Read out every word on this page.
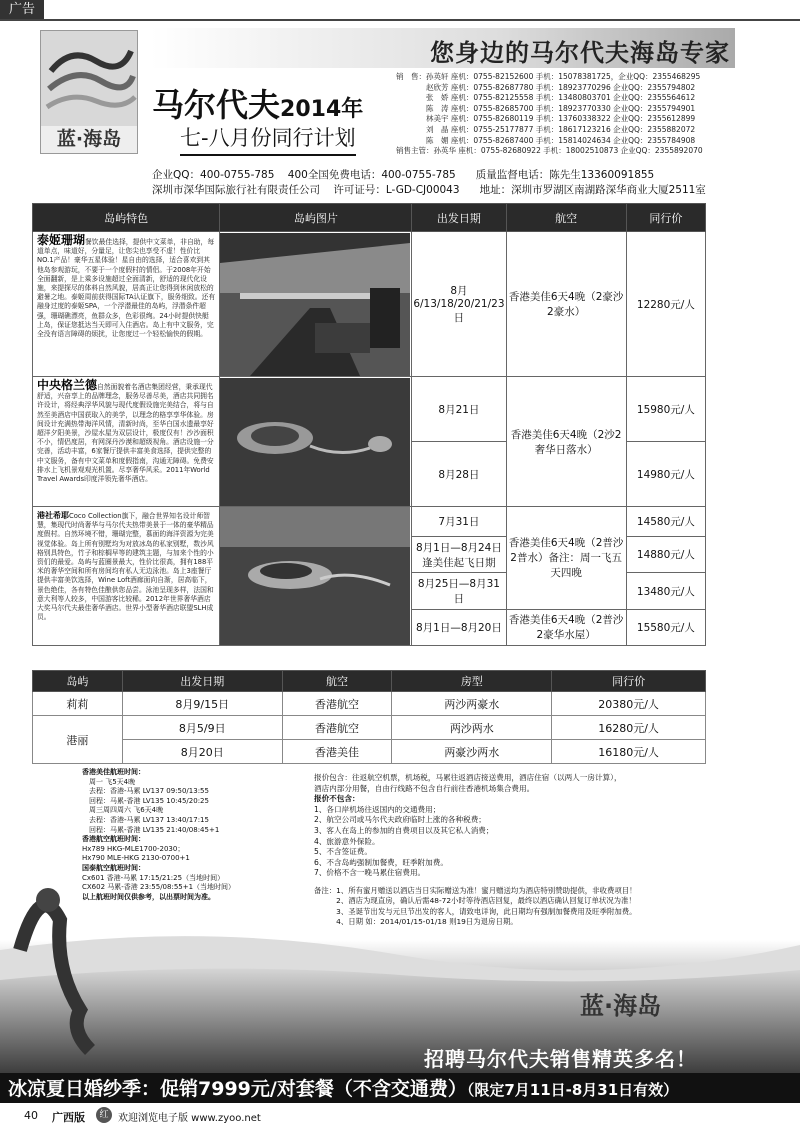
广告
蓝·海岛
您身边的马尔代夫海岛专家
马尔代夫2014年
七-八月份同行计划
销　售：孙英轩 座机：0755-82152600 手机：15078381725，企业QQ：2355468295
　　　　赵欣芳 座机：0755-82687780 手机：18923770296 企业QQ：2355794802
　　　　张　娇 座机：0755-82125558 手机：13480803701 企业QQ：2355564612
　　　　陈　涛 座机：0755-82685700 手机：18923770330 企业QQ：2355794901
　　　　林美宇 座机：0755-82680119 手机：13760338322 企业QQ：2355612899
　　　　刘　晶 座机：0755-25177877 手机：18617123216 企业QQ：2355882072
　　　　陈　媚 座机：0755-82687400 手机：15814024634 企业QQ：2355784908
销售主管：孙英华 座机：0755-82680922 手机：18002510873 企业QQ：2355892070
企业QQ：400-0755-785 400全国免费电话：400-0755-785 质量监督电话：陈先生13360091855
深圳市深华国际旅行社有限责任公司 许可证号：L-GD-CJ00043 地址：深圳市罗湖区南湖路深华商业大厦2511室
岛屿特色	岛屿图片	出发日期	航空	同行价
泰姬珊瑚餐饮最佳选择，提供中文菜单，非自助，每道单点，味道好，分量足，让您尖也享受不虚！性价比NO.1产品！豪华五星体验！星自由的选择，适合喜欢到其他岛参观游玩，不要于一个度假村的情侣。于2008年开始全面翻新，是上乘多设施超过全面清新，舒适的现代化设施，来提探尽的体料自然风貌，居高正让您得到休闲放松的避暑之地。泰姬周前获得国际TA认证旗下，服务细致。还有融身过度的泰姬SPA，一个浮潜最佳的岛屿，浮潜条件超强，珊瑚礁漂亮，鱼群众多，色彩很绚。24小时提供快艇上岛，保证您抵达当天即可入住酒店。岛上有中文服务，完全没有语言障碍的烦扰，让您度过一个轻松愉快的假期。		8月6/13/18/20/21/23日	香港美佳6天4晚（2豪沙2豪水）	12280元/人
中央格兰德自然面貌着名酒店集团经营，秉承现代舒适，兴奋享上的品牌理念，服务尽善尽美，酒店共同拥名许设计，将经典浮华风貌与现代度假设施完美结合，将与自然至美酒店中国获取入的美学，以理念的格享享华体验。房间设计充满热带海洋风情，清新时尚，至华白国水遗最享好超洋夕阳美景，沙屋水屋为双层设计，极度仅有！沙沙面积不小，情侣度居，有网深丹沙漠和超级视角。酒店设施一分完善，活动丰富，6家餐厅提供丰富美食选择，提供完整的中文服务，备有中文菜单和度假指南，沟通无障碍。免费安排水上飞机景观观光机置。尽享奢华风采。2011年World Travel Awards印度洋领先奢华酒店。		8月21日	香港美佳6天4晚（2沙2奢华日落水）	15980元/人
		8月28日		14980元/人
港社希耶Coco Collection旗下，融合世界知名设计师智慧，集现代时尚奢华与马尔代夫热带美景于一体的豪华精品度假村。自然环境不错，珊瑚完整，慕面的海洋资源为完美视觉体验。岛上所有别墅均为对放冰岛的私家别墅，数沙风格别具特色，竹子和棕榈早等的建筑主题，与加来个性的小资们的最爱。岛屿与蓝圈景最大，性价比很高，拥有188平米的奢华空间和所有房间均有私人无边泳池。岛上3座餐厅提供丰富美饮选择，Wine Loft酒廊面向自渐，居高临下，景色绝佳，各有特色佳酿供您品尝。泳池呈现多样，法国和意大利等人较多，中国游客比较稀。2012年世界奢华酒店大奖马尔代夫最佳奢华酒店。世界小型奢华酒店联盟SLH成员。		7月31日	香港美佳6天4晚（2普沙2普水）备注：周一飞五天四晚	14580元/人
		8月1日—8月24日 逢美佳起飞日期		14880元/人
		8月25日—8月31日		13480元/人
		8月1日—8月20日	香港美佳6天4晚（2普沙2豪华水屋）	15580元/人
岛屿	出发日期	航空	房型	同行价
莉莉	8月9/15日	香港航空	两沙两豪水	20380元/人
港丽	8月5/9日	香港航空	两沙两水	16280元/人
	8月20日	香港美佳	两豪沙两水	16180元/人
香港美佳航班时间：
　周一 飞5天4晚
　去程：香港-马累 LV137 09:50/13:55
　回程：马累-香港 LV135 10:45/20:25
　周三周四周六 飞6天4晚
　去程：香港-马累 LV137 13:40/17:15
　回程：马累-香港 LV135 21:40/08:45+1
香港航空航班时间：
Hx789 HKG-MLE1700-2030；
Hx790 MLE-HKG 2130-0700+1
国泰航空航班时间：
Cx601 香港-马累 17:15/21:25（当地时间）
CX602 马累-香港 23:55/08:55+1（当地时间）
以上航班时间仅供参考，以出票时间为准。
报价包含：往返航空机票，机场税，马累往返酒店接送费用，酒店住宿（以两人一房计算），
酒店内部分用餐，自由行线路不包含自行前往香港机场集合费用。
报价不包含：
1、各口岸机场往返国内的交通费用；
2、航空公司或马尔代夫政府临时上涨的各种税费；
3、客人在岛上的参加的自费项目以及其它私人消费；
4、旅游意外保险。
5、不含签证费。
6、不含岛屿强制加餐费，旺季附加费。
7、价格不含一晚马累住宿费用。
备注：1、所有蜜月赠送以酒店当日实际赠送为准！蜜月赠送均为酒店特别赞助提供，非收费项目！
　　　2、酒店为现直房，确认后需48-72小时等待酒店回复，最终以酒店确认回复订单状况为准！
　　　3、圣诞节出发与元旦节出发的客人，请致电详询，此日期均有强制加餐费用及旺季附加费。
　　　4、日期 如：2014/01/15-01/18 则19日为退房日期。
蓝·海岛
招聘马尔代夫销售精英多名！
冰凉夏日婚纱季：促销7999元/对套餐（不含交通费）（限定7月11日-8月31日有效）
40 广西版	红 欢迎浏览电子版 www.zyoo.net
